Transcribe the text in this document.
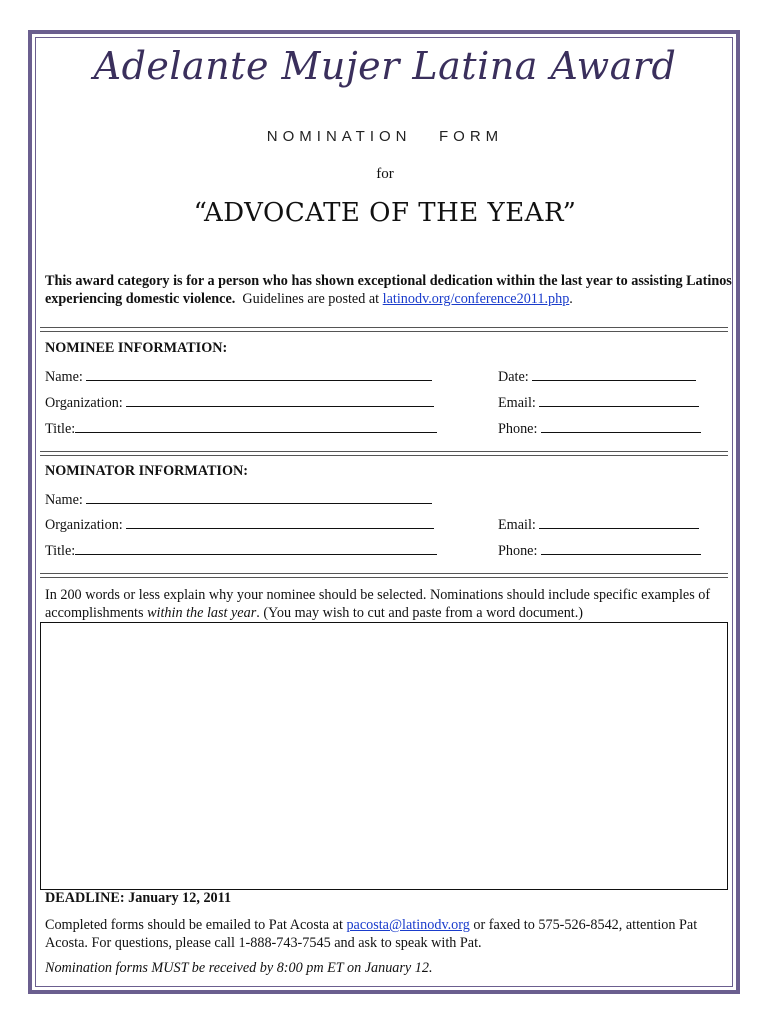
Adelante Mujer Latina Award
NOMINATION   FORM
for
“ADVOCATE OF THE YEAR”
This award category is for a person who has shown exceptional dedication within the last year to assisting Latinos experiencing domestic violence.  Guidelines are posted at latinodv.org/conference2011.php.
NOMINEE INFORMATION:
Name:	Date:
Organization:	Email:
Title:	Phone:
NOMINATOR INFORMATION:
Name:
Organization:	Email:
Title:	Phone:
In 200 words or less explain why your nominee should be selected. Nominations should include specific examples of accomplishments within the last year. (You may wish to cut and paste from a word document.)
DEADLINE: January 12, 2011
Completed forms should be emailed to Pat Acosta at pacosta@latinodv.org or faxed to 575-526-8542, attention Pat Acosta. For questions, please call 1-888-743-7545 and ask to speak with Pat.
Nomination forms MUST be received by 8:00 pm ET on January 12.
